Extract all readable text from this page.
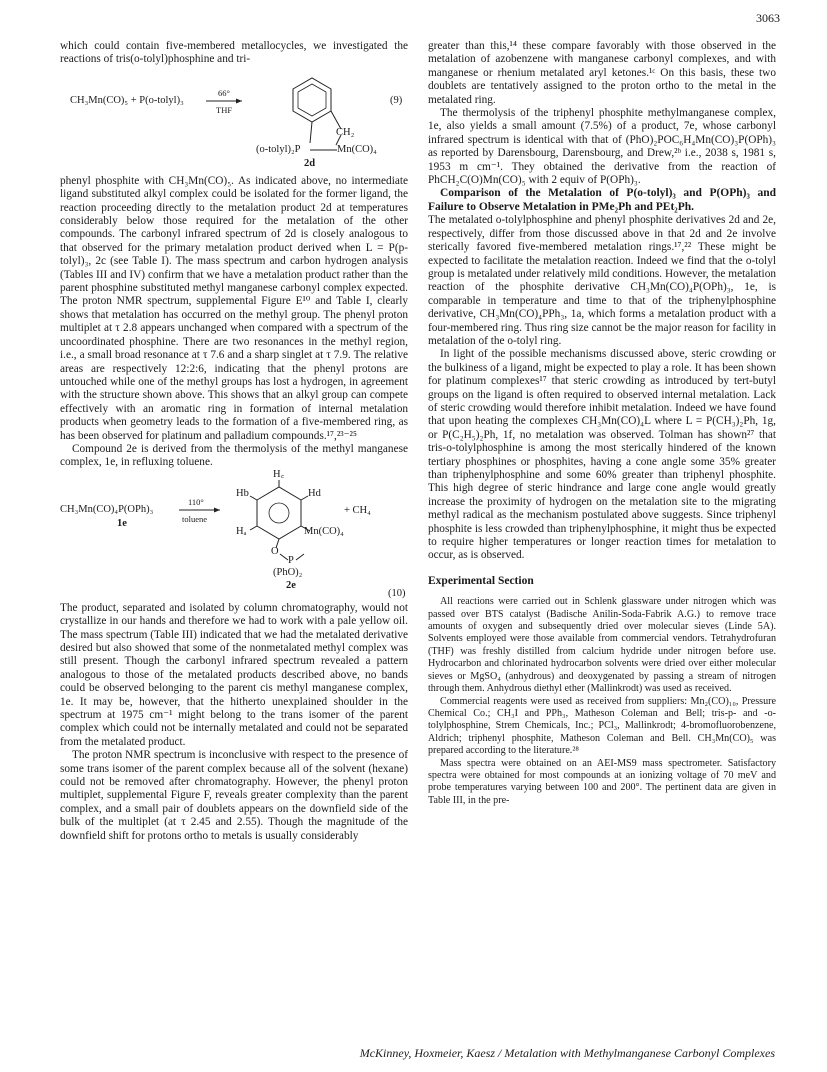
3063

which could contain five-membered metallocycles, we investigated the reactions of tris(o-tolyl)phosphine and tri-

CH₃Mn(CO)₅ + P(o-tolyl)₃
66°
THF
(9)
CH₂
(o-tolyl)₂P	Mn(CO)₄
2d

phenyl phosphite with CH₃Mn(CO)₅. As indicated above, no intermediate ligand substituted alkyl complex could be isolated for the former ligand, the reaction proceeding directly to the metalation product 2d at temperatures considerably below those required for the metalation of the other compounds. The carbonyl infrared spectrum of 2d is closely analogous to that observed for the primary metalation product derived when L = P(p-tolyl)₃, 2c (see Table I). The mass spectrum and carbon hydrogen analysis (Tables III and IV) confirm that we have a metalation product rather than the parent phosphine substituted methyl manganese carbonyl complex expected. The proton NMR spectrum, supplemental Figure E¹⁰ and Table I, clearly shows that metalation has occurred on the methyl group. The phenyl proton multiplet at τ 2.8 appears unchanged when compared with a spectrum of the uncoordinated phosphine. There are two resonances in the methyl region, i.e., a small broad resonance at τ 7.6 and a sharp singlet at τ 7.9. The relative areas are respectively 12:2:6, indicating that the phenyl protons are untouched while one of the methyl groups has lost a hydrogen, in agreement with the structure shown above. This shows that an alkyl group can compete effectively with an aromatic ring in formation of internal metalation products when geometry leads to the formation of a five-membered ring, as has been observed for platinum and palladium compounds.¹⁷,²³⁻²⁵

Compound 2e is derived from the thermolysis of the methyl manganese complex, 1e, in refluxing toluene.

H꜀
Hb	Hd
Hₐ	Mn(CO)₄
O
P
(PhO)₂
CH₃Mn(CO)₄P(OPh)₃
1e
110°
toluene
+ CH₄
2e
(10)

The product, separated and isolated by column chromatography, would not crystallize in our hands and therefore we had to work with a pale yellow oil. The mass spectrum (Table III) indicated that we had the metalated derivative desired but also showed that some of the nonmetalated methyl complex was still present. Though the carbonyl infrared spectrum revealed a pattern analogous to those of the metalated products described above, no bands could be observed belonging to the parent cis methyl manganese complex, 1e. It may be, however, that the hitherto unexplained shoulder in the spectrum at 1975 cm⁻¹ might belong to the trans isomer of the parent complex which could not be internally metalated and could not be separated from the metalated product.

The proton NMR spectrum is inconclusive with respect to the presence of some trans isomer of the parent complex because all of the solvent (hexane) could not be removed after chromatography. However, the phenyl proton multiplet, supplemental Figure F, reveals greater complexity than the parent complex, and a small pair of doublets appears on the downfield side of the bulk of the multiplet (at τ 2.45 and 2.55). Though the magnitude of the downfield shift for protons ortho to metals is usually considerably

greater than this,¹⁴ these compare favorably with those observed in the metalation of azobenzene with manganese carbonyl complexes, and with manganese or rhenium metalated aryl ketones.¹ᶜ On this basis, these two doublets are tentatively assigned to the proton ortho to the metal in the metalated ring.

The thermolysis of the triphenyl phosphite methylmanganese complex, 1e, also yields a small amount (7.5%) of a product, 7e, whose carbonyl infrared spectrum is identical with that of (PhO)₂POC₆H₄Mn(CO)₃P(OPh)₃ as reported by Darensbourg, Darensbourg, and Drew,²ᵇ i.e., 2038 s, 1981 s, 1953 m cm⁻¹. They obtained the derivative from the reaction of PhCH₂C(O)Mn(CO)₅ with 2 equiv of P(OPh)₃.

Comparison of the Metalation of P(o-tolyl)₃ and P(OPh)₃ and Failure to Observe Metalation in PMe₂Ph and PEt₂Ph.

The metalated o-tolylphosphine and phenyl phosphite derivatives 2d and 2e, respectively, differ from those discussed above in that 2d and 2e involve sterically favored five-membered metalation rings.¹⁷,²² These might be expected to facilitate the metalation reaction. Indeed we find that the o-tolyl group is metalated under relatively mild conditions. However, the metalation reaction of the phosphite derivative CH₃Mn(CO)₄P(OPh)₃, 1e, is comparable in temperature and time to that of the triphenylphosphine derivative, CH₃Mn(CO)₄PPh₃, 1a, which forms a metalation product with a four-membered ring. Thus ring size cannot be the major reason for facility in metalation of the o-tolyl ring.

In light of the possible mechanisms discussed above, steric crowding or the bulkiness of a ligand, might be expected to play a role. It has been shown for platinum complexes¹⁷ that steric crowding as introduced by tert-butyl groups on the ligand is often required to observed internal metalation. Lack of steric crowding would therefore inhibit metalation. Indeed we have found that upon heating the complexes CH₃Mn(CO)₄L where L = P(CH₃)₂Ph, 1g, or P(C₂H₅)₂Ph, 1f, no metalation was observed. Tolman has shown²⁷ that tris-o-tolylphosphine is among the most sterically hindered of the known tertiary phosphines or phosphites, having a cone angle some 35% greater than triphenylphosphine and some 60% greater than triphenyl phosphite. This high degree of steric hindrance and large cone angle would greatly increase the proximity of hydrogen on the metalation site to the migrating methyl radical as the mechanism postulated above suggests. Since triphenyl phosphite is less crowded than triphenylphosphine, it might thus be expected to require higher temperatures or longer reaction times for metalation to occur, as is observed.

Experimental Section

All reactions were carried out in Schlenk glassware under nitrogen which was passed over BTS catalyst (Badische Anilin-Soda-Fabrik A.G.) to remove trace amounts of oxygen and subsequently dried over molecular sieves (Linde 5A). Solvents employed were those available from commercial vendors. Tetrahydrofuran (THF) was freshly distilled from calcium hydride under nitrogen before use. Hydrocarbon and chlorinated hydrocarbon solvents were dried over either molecular sieves or MgSO₄ (anhydrous) and deoxygenated by passing a stream of nitrogen through them. Anhydrous diethyl ether (Mallinkrodt) was used as received.

Commercial reagents were used as received from suppliers: Mn₂(CO)₁₀, Pressure Chemical Co.; CH₃I and PPh₃, Matheson Coleman and Bell; tris-p- and -o-tolylphosphine, Strem Chemicals, Inc.; PCl₃, Mallinkrodt; 4-bromofluorobenzene, Aldrich; triphenyl phosphite, Matheson Coleman and Bell. CH₃Mn(CO)₅ was prepared according to the literature.²⁸

Mass spectra were obtained on an AEI-MS9 mass spectrometer. Satisfactory spectra were obtained for most compounds at an ionizing voltage of 70 meV and probe temperatures varying between 100 and 200°. The pertinent data are given in Table III, in the pre-

McKinney, Hoxmeier, Kaesz / Metalation with Methylmanganese Carbonyl Complexes
